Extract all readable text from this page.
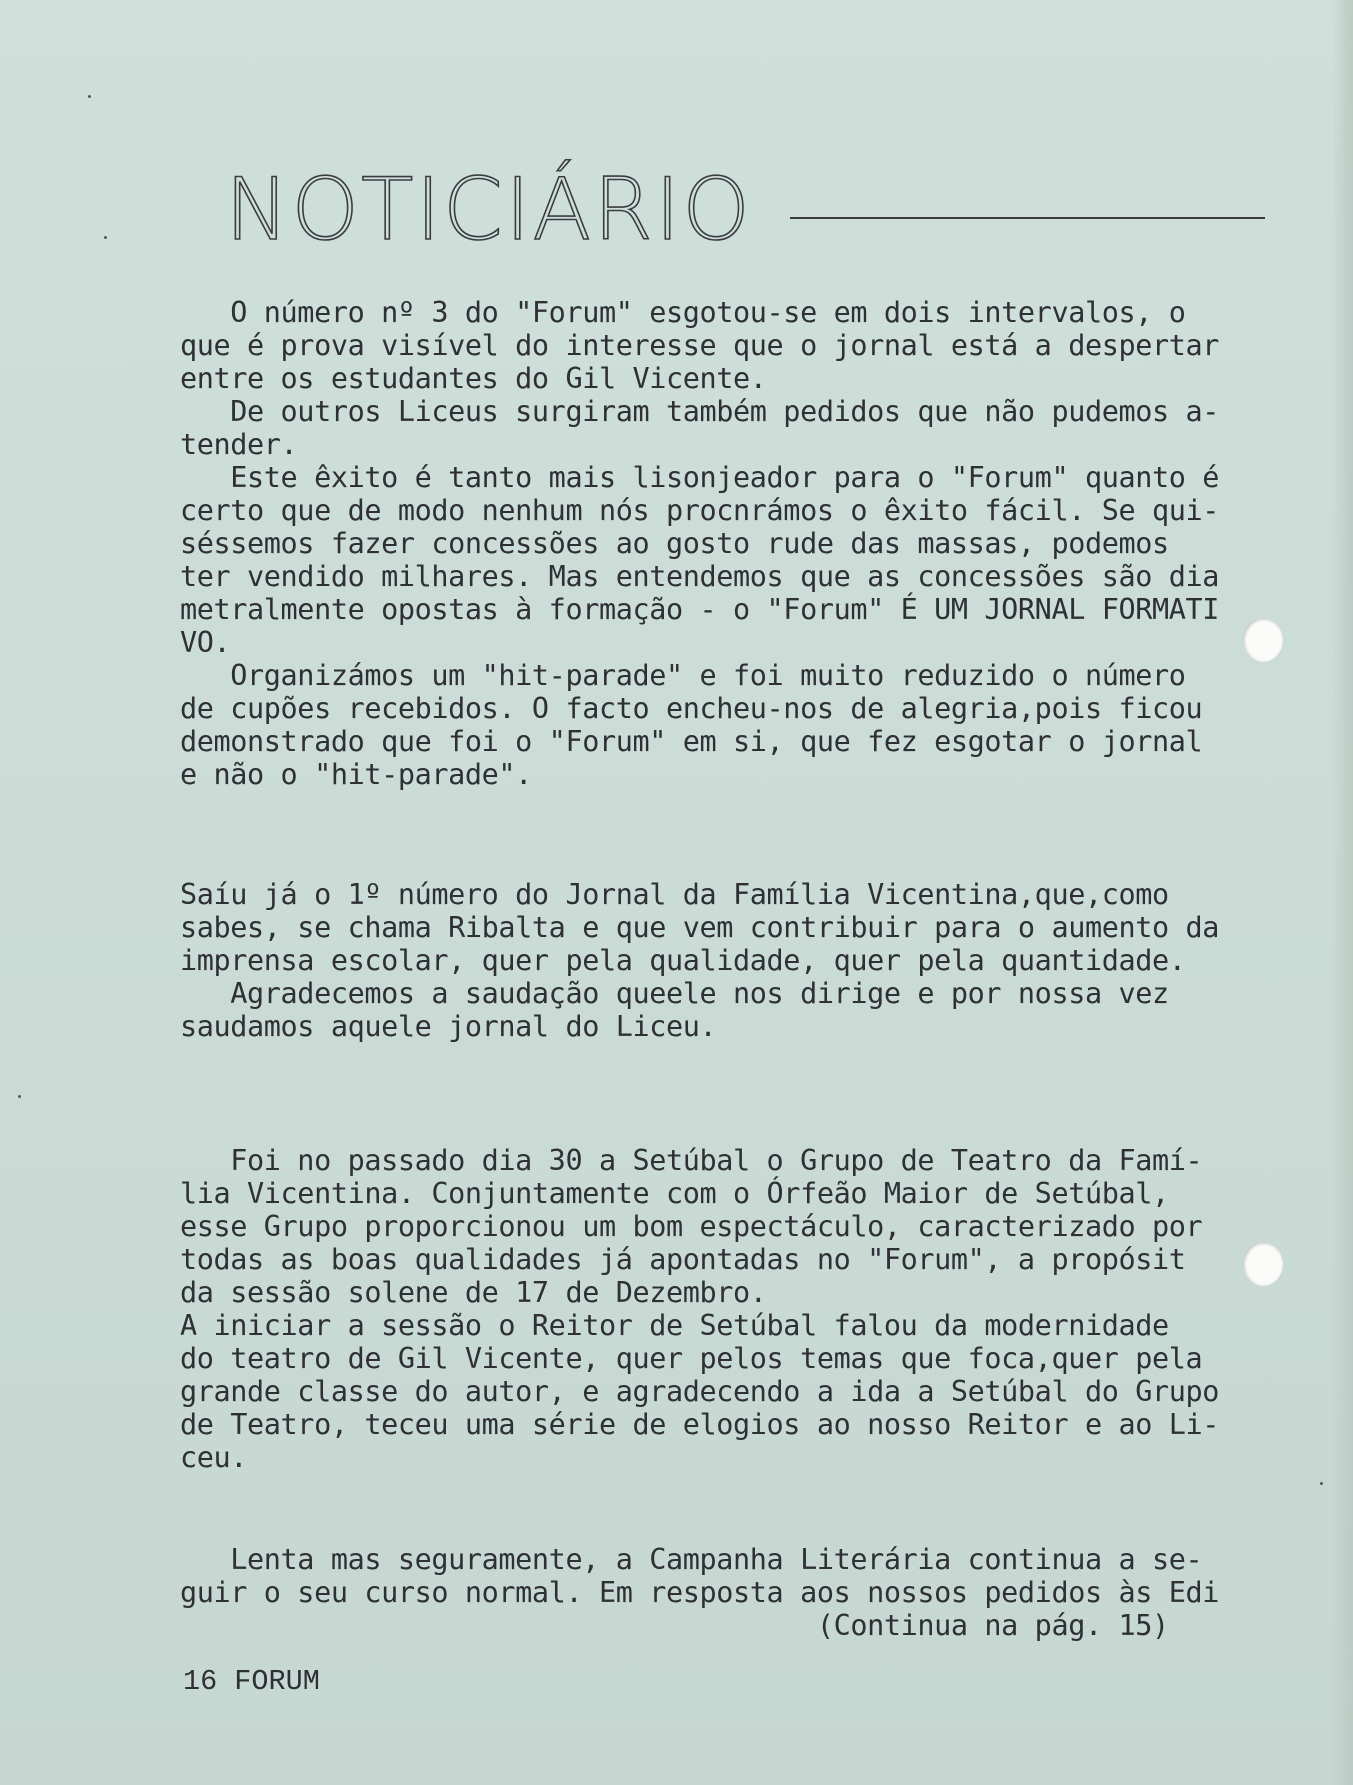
NOTICIÁRIO
O número nº 3 do "Forum" esgotou-se em dois intervalos, o
que é prova visível do interesse que o jornal está a despertar
entre os estudantes do Gil Vicente.
De outros Liceus surgiram também pedidos que não pudemos a-
tender.
Este êxito é tanto mais lisonjeador para o "Forum" quanto é
certo que de modo nenhum nós procnrámos o êxito fácil. Se qui-
séssemos fazer concessões ao gosto rude das massas, podemos
ter vendido milhares. Mas entendemos que as concessões são dia
metralmente opostas à formação - o "Forum" É UM JORNAL FORMATI
VO.
Organizámos um "hit-parade" e foi muito reduzido o número
de cupões recebidos. O facto encheu-nos de alegria,pois ficou
demonstrado que foi o "Forum" em si, que fez esgotar o jornal
e não o "hit-parade".
Saíu já o 1º número do Jornal da Família Vicentina,que,como
sabes, se chama Ribalta e que vem contribuir para o aumento da
imprensa escolar, quer pela qualidade, quer pela quantidade.
Agradecemos a saudação queele nos dirige e por nossa vez
saudamos aquele jornal do Liceu.
Foi no passado dia 30 a Setúbal o Grupo de Teatro da Famí-
lia Vicentina. Conjuntamente com o Órfeão Maior de Setúbal,
esse Grupo proporcionou um bom espectáculo, caracterizado por
todas as boas qualidades já apontadas no "Forum", a propósit
da sessão solene de 17 de Dezembro.
A iniciar a sessão o Reitor de Setúbal falou da modernidade
do teatro de Gil Vicente, quer pelos temas que foca,quer pela
grande classe do autor, e agradecendo a ida a Setúbal do Grupo
de Teatro, teceu uma série de elogios ao nosso Reitor e ao Li-
ceu.
Lenta mas seguramente, a Campanha Literária continua a se-
guir o seu curso normal. Em resposta aos nossos pedidos às Edi
(Continua na pág. 15)
16 FORUM
